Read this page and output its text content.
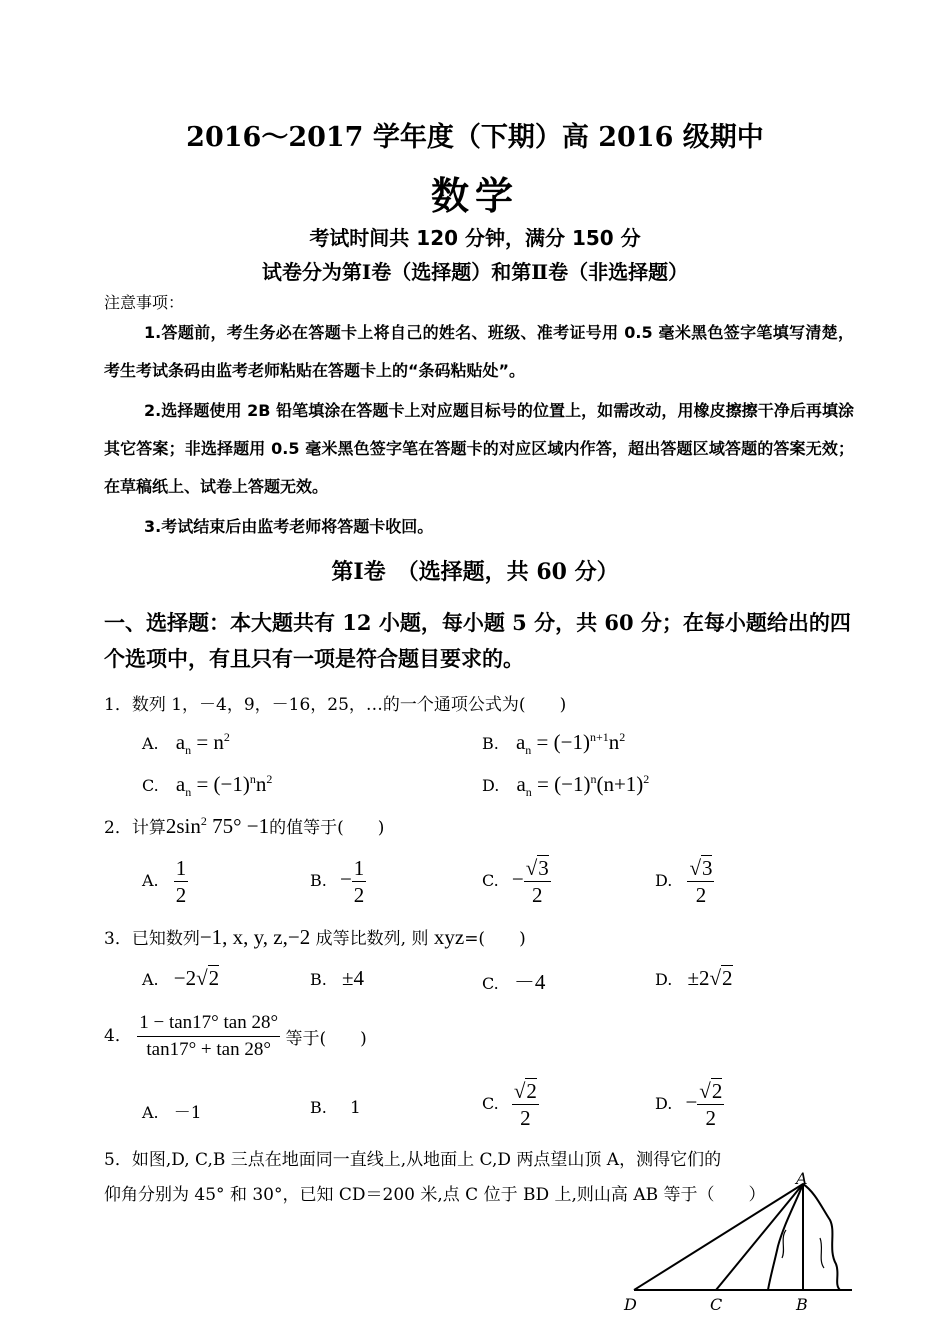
2016～2017 学年度（下期）高 2016 级期中
数学
考试时间共 120 分钟，满分 150 分
试卷分为第Ⅰ卷（选择题）和第Ⅱ卷（非选择题）
注意事项：
1.答题前，考生务必在答题卡上将自己的姓名、班级、准考证号用 0.5 毫米黑色签字笔填写清楚，考生考试条码由监考老师粘贴在答题卡上的“条码粘贴处”。
2.选择题使用 2B 铅笔填涂在答题卡上对应题目标号的位置上，如需改动，用橡皮擦擦干净后再填涂其它答案；非选择题用 0.5 毫米黑色签字笔在答题卡的对应区域内作答，超出答题区域答题的答案无效；在草稿纸上、试卷上答题无效。
3.考试结束后由监考老师将答题卡收回。
第Ⅰ卷　（选择题，共 60 分）
一、选择题：本大题共有 12 小题，每小题 5 分，共 60 分；在每小题给出的四个选项中，有且只有一项是符合题目要求的。
1．数列 1，－4，9，－16，25，…的一个通项公式为(　　)
A. $a_n = n^2$	B. $a_n = (-1)^{n+1}n^2$
C. $a_n = (-1)^nn^2$	D. $a_n = (-1)^n(n+1)^2$
2．计算$2\sin^2$ 75° −1的值等于(　　)
A. $\frac{1}{2}$	B. − $\frac{1}{2}$	C. − $\frac{√3}{2}$	D. $\frac{√3}{2}$
3．已知数列−1, x, y, z,−2 成等比数列, 则 xyz=(　　)
A. −2√2	B. ±4	C. －4	D. ±2√2
4． $\frac{1 - \tan 17^\circ \tan 28^\circ}{\tan 17^\circ + \tan 28^\circ}$ 等于(　　)
A. －1	B. 1	C. $\frac{√2}{2}$	D. − $\frac{√2}{2}$
5．如图,D, C,B 三点在地面同一直线上,从地面上 C,D 两点望山顶 A，测得它们的
仰角分别为 45° 和 30°，已知 CD＝200 米,点 C 位于 BD 上,则山高 AB 等于（　　）
A
B
C
D
